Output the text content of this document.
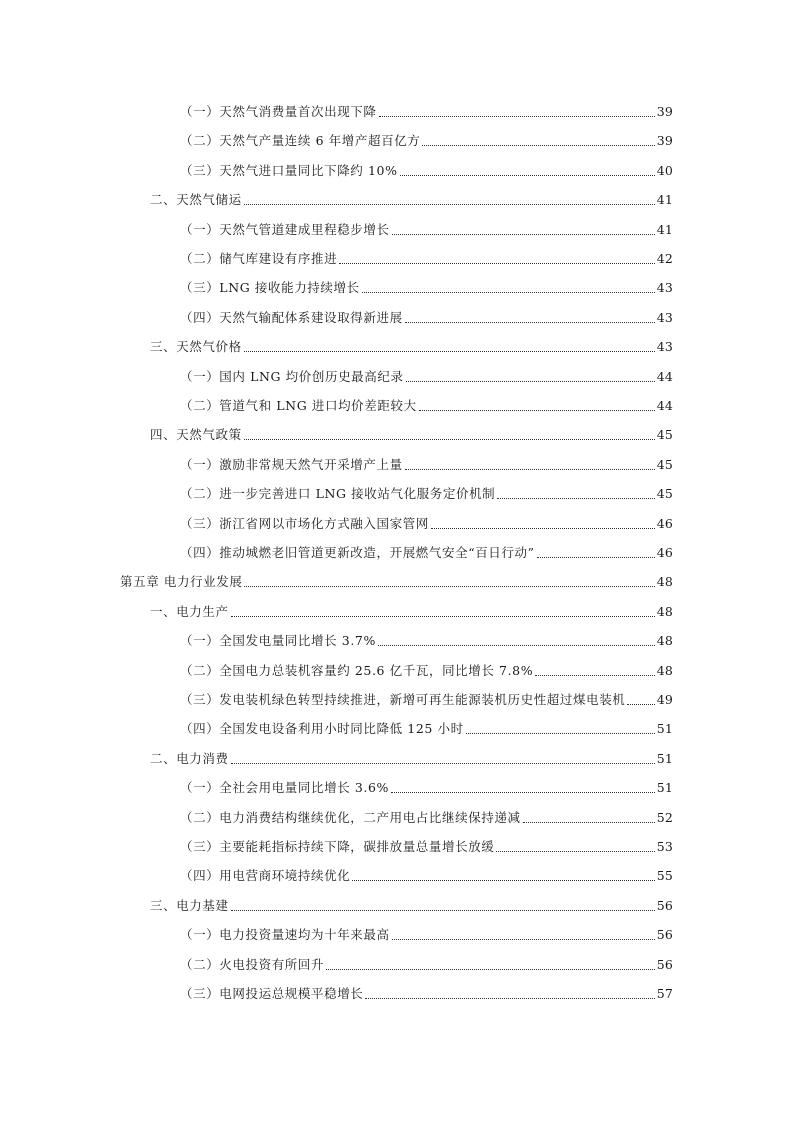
（一）天然气消费量首次出现下降	39
（二）天然气产量连续 6 年增产超百亿方	39
（三）天然气进口量同比下降约 10%	40
二、天然气储运	41
（一）天然气管道建成里程稳步增长	41
（二）储气库建设有序推进	42
（三）LNG 接收能力持续增长	43
（四）天然气输配体系建设取得新进展	43
三、天然气价格	43
（一）国内 LNG 均价创历史最高纪录	44
（二）管道气和 LNG 进口均价差距较大	44
四、天然气政策	45
（一）激励非常规天然气开采增产上量	45
（二）进一步完善进口 LNG 接收站气化服务定价机制	45
（三）浙江省网以市场化方式融入国家管网	46
（四）推动城燃老旧管道更新改造，开展燃气安全“百日行动”	46
第五章 电力行业发展	48
一、电力生产	48
（一）全国发电量同比增长 3.7%	48
（二）全国电力总装机容量约 25.6 亿千瓦，同比增长 7.8%	48
（三）发电装机绿色转型持续推进，新增可再生能源装机历史性超过煤电装机	49
（四）全国发电设备利用小时同比降低 125 小时	51
二、电力消费	51
（一）全社会用电量同比增长 3.6%	51
（二）电力消费结构继续优化，二产用电占比继续保持递减	52
（三）主要能耗指标持续下降，碳排放量总量增长放缓	53
（四）用电营商环境持续优化	55
三、电力基建	56
（一）电力投资量速均为十年来最高	56
（二）火电投资有所回升	56
（三）电网投运总规模平稳增长	57
